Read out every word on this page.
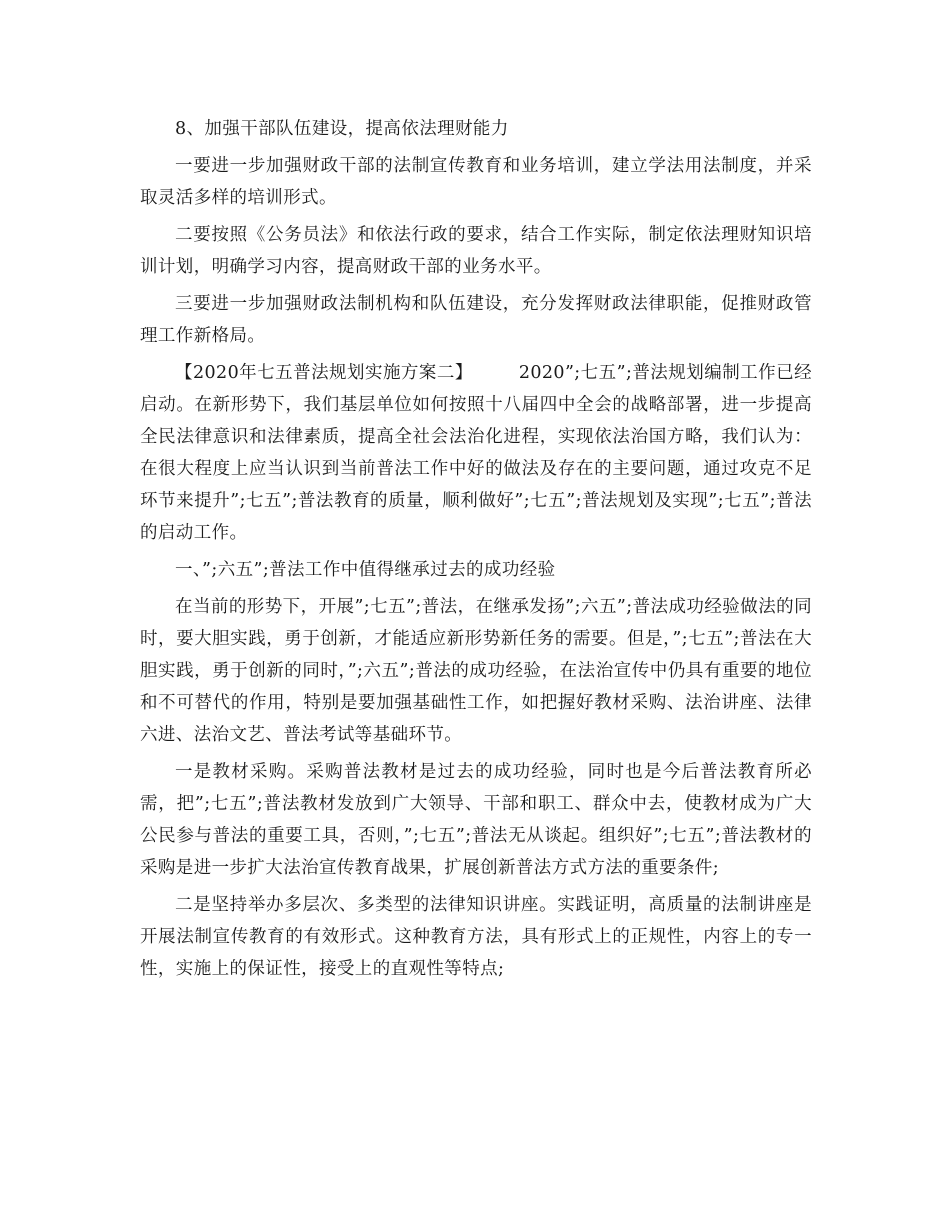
8、加强干部队伍建设，提高依法理财能力

一要进一步加强财政干部的法制宣传教育和业务培训，建立学法用法制度，并采取灵活多样的培训形式。

二要按照《公务员法》和依法行政的要求，结合工作实际，制定依法理财知识培训计划，明确学习内容，提高财政干部的业务水平。

三要进一步加强财政法制机构和队伍建设，充分发挥财政法律职能，促推财政管理工作新格局。

【2020年七五普法规划实施方案二】	2020”;七五”;普法规划编制工作已经启动。在新形势下，我们基层单位如何按照十八届四中全会的战略部署，进一步提高全民法律意识和法律素质，提高全社会法治化进程，实现依法治国方略，我们认为：在很大程度上应当认识到当前普法工作中好的做法及存在的主要问题，通过攻克不足环节来提升”;七五”;普法教育的质量，顺利做好”;七五”;普法规划及实现”;七五”;普法的启动工作。

一、”;六五”;普法工作中值得继承过去的成功经验

在当前的形势下，开展”;七五”;普法，在继承发扬”;六五”;普法成功经验做法的同时，要大胆实践，勇于创新，才能适应新形势新任务的需要。但是，”;七五”;普法在大胆实践，勇于创新的同时，”;六五”;普法的成功经验，在法治宣传中仍具有重要的地位和不可替代的作用，特别是要加强基础性工作，如把握好教材采购、法治讲座、法律六进、法治文艺、普法考试等基础环节。

一是教材采购。采购普法教材是过去的成功经验，同时也是今后普法教育所必需，把”;七五”;普法教材发放到广大领导、干部和职工、群众中去，使教材成为广大公民参与普法的重要工具，否则，”;七五”;普法无从谈起。组织好”;七五”;普法教材的采购是进一步扩大法治宣传教育战果，扩展创新普法方式方法的重要条件;

二是坚持举办多层次、多类型的法律知识讲座。实践证明，高质量的法制讲座是开展法制宣传教育的有效形式。这种教育方法，具有形式上的正规性，内容上的专一性，实施上的保证性，接受上的直观性等特点;
